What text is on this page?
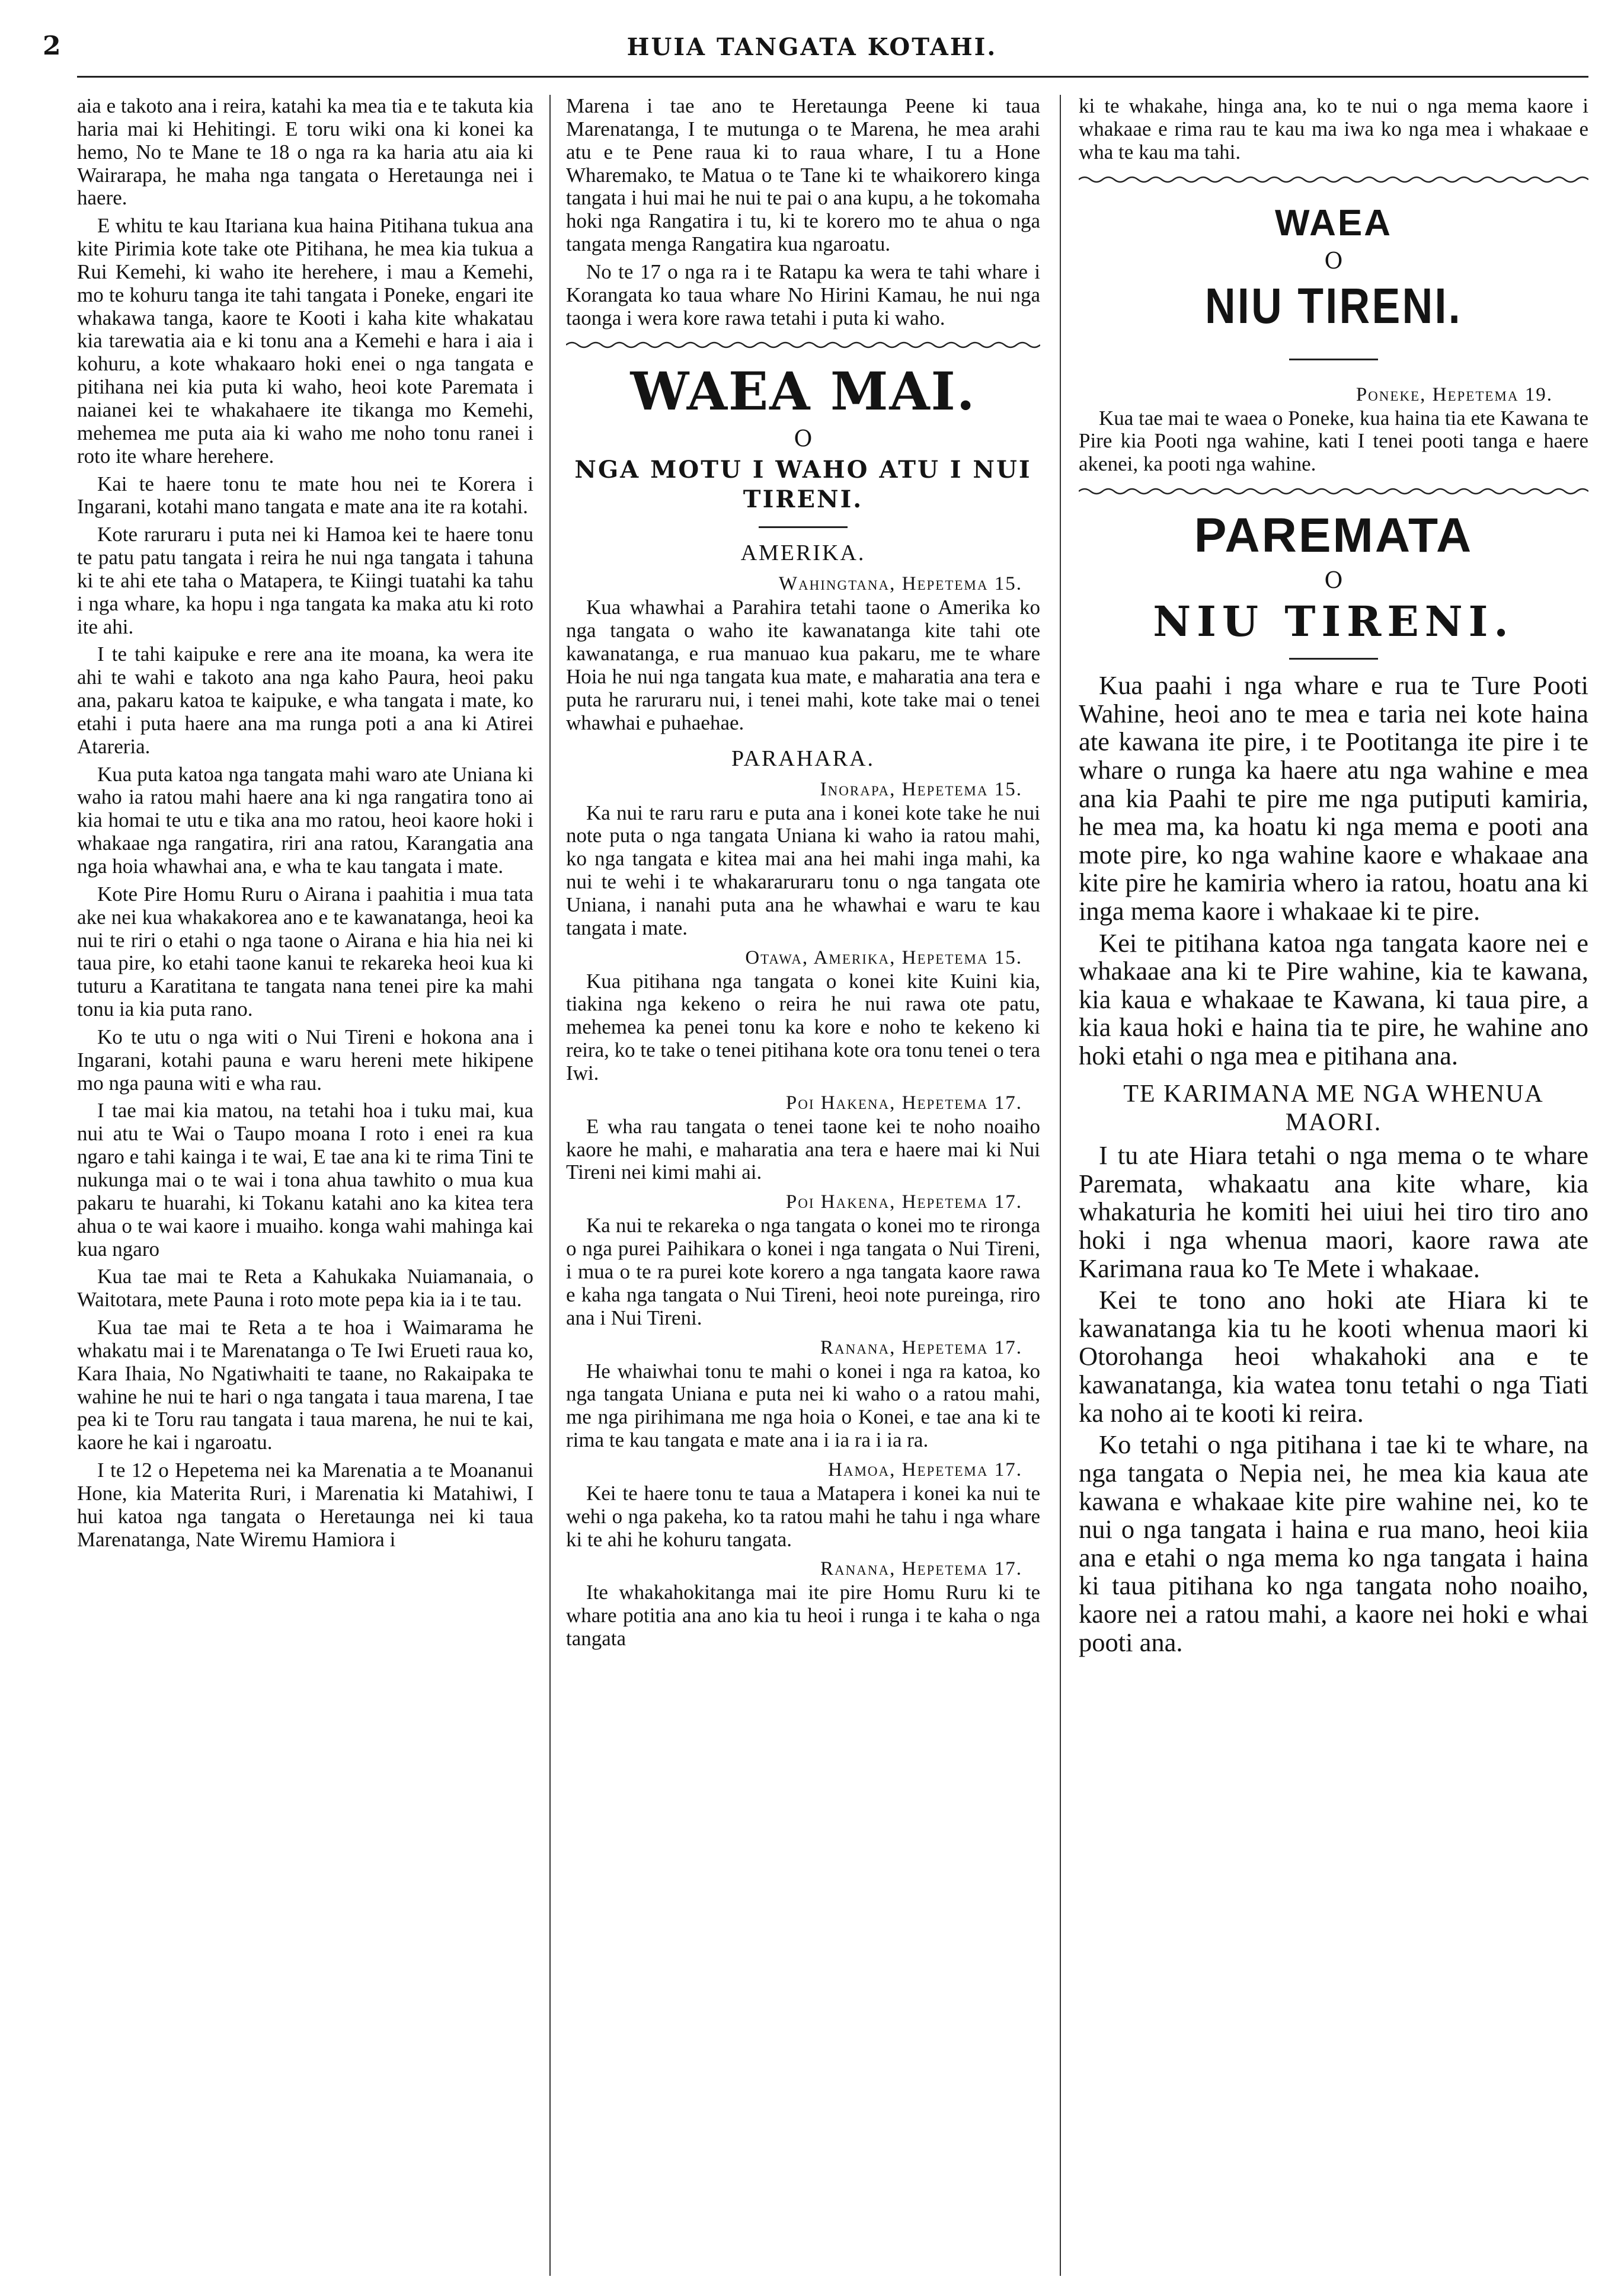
2	HUIA TANGATA KOTAHI.

aia e takoto ana i reira, katahi ka mea tia e te takuta kia haria mai ki Hehitingi. E toru wiki ona ki konei ka hemo, No te Mane te 18 o nga ra ka haria atu aia ki Wairarapa, he maha nga tangata o Heretaunga nei i haere.

E whitu te kau Itariana kua haina Pitihana tukua ana kite Pirimia kote take ote Pitihana, he mea kia tukua a Rui Kemehi, ki waho ite herehere, i mau a Kemehi, mo te kohuru tanga ite tahi tangata i Poneke, engari ite whakawa tanga, kaore te Kooti i kaha kite whakatau kia tarewatia aia e ki tonu ana a Kemehi e hara i aia i kohuru, a kote whakaaro hoki enei o nga tangata e pitihana nei kia puta ki waho, heoi kote Paremata i naianei kei te whakahaere ite tikanga mo Kemehi, mehemea me puta aia ki waho me noho tonu ranei i roto ite whare herehere.

Kai te haere tonu te mate hou nei te Korera i Ingarani, kotahi mano tangata e mate ana ite ra kotahi.

Kote raruraru i puta nei ki Hamoa kei te haere tonu te patu patu tangata i reira he nui nga tangata i tahuna ki te ahi ete taha o Matapera, te Kiingi tuatahi ka tahu i nga whare, ka hopu i nga tangata ka maka atu ki roto ite ahi.

I te tahi kaipuke e rere ana ite moana, ka wera ite ahi te wahi e takoto ana nga kaho Paura, heoi paku ana, pakaru katoa te kaipuke, e wha tangata i mate, ko etahi i puta haere ana ma runga poti a ana ki Atirei Atareria.

Kua puta katoa nga tangata mahi waro ate Uniana ki waho ia ratou mahi haere ana ki nga rangatira tono ai kia homai te utu e tika ana mo ratou, heoi kaore hoki i whakaae nga rangatira, riri ana ratou, Karangatia ana nga hoia whawhai ana, e wha te kau tangata i mate.

Kote Pire Homu Ruru o Airana i paahitia i mua tata ake nei kua whakakorea ano e te kawanatanga, heoi ka nui te riri o etahi o nga taone o Airana e hia hia nei ki taua pire, ko etahi taone kanui te rekareka heoi kua ki tuturu a Karatitana te tangata nana tenei pire ka mahi tonu ia kia puta rano.

Ko te utu o nga witi o Nui Tireni e hokona ana i Ingarani, kotahi pauna e waru hereni mete hikipene mo nga pauna witi e wha rau.

I tae mai kia matou, na tetahi hoa i tuku mai, kua nui atu te Wai o Taupo moana I roto i enei ra kua ngaro e tahi kainga i te wai, E tae ana ki te rima Tini te nukunga mai o te wai i tona ahua tawhito o mua kua pakaru te huarahi, ki Tokanu katahi ano ka kitea tera ahua o te wai kaore i muaiho. konga wahi mahinga kai kua ngaro

Kua tae mai te Reta a Kahukaka Nuiamanaia, o Waitotara, mete Pauna i roto mote pepa kia ia i te tau.

Kua tae mai te Reta a te hoa i Waimarama he whakatu mai i te Marenatanga o Te Iwi Erueti raua ko, Kara Ihaia, No Ngatiwhaiti te taane, no Rakaipaka te wahine he nui te hari o nga tangata i taua marena, I tae pea ki te Toru rau tangata i taua marena, he nui te kai, kaore he kai i ngaroatu.

I te 12 o Hepetema nei ka Marenatia a te Moananui Hone, kia Materita Ruri, i Marenatia ki Matahiwi, I hui katoa nga tangata o Heretaunga nei ki taua Marenatanga, Nate Wiremu Hamiora i

Marena i tae ano te Heretaunga Peene ki taua Marenatanga, I te mutunga o te Marena, he mea arahi atu e te Pene raua ki to raua whare, I tu a Hone Wharemako, te Matua o te Tane ki te whaikorero kinga tangata i hui mai he nui te pai o ana kupu, a he tokomaha hoki nga Rangatira i tu, ki te korero mo te ahua o nga tangata menga Rangatira kua ngaroatu.

No te 17 o nga ra i te Ratapu ka wera te tahi whare i Korangata ko taua whare No Hirini Kamau, he nui nga taonga i wera kore rawa tetahi i puta ki waho.

WAEA MAI.
O
NGA MOTU I WAHO ATU I NUI TIRENI.
AMERIKA.
Wahingtana, Hepetema 15.

Kua whawhai a Parahira tetahi taone o Amerika ko nga tangata o waho ite kawanatanga kite tahi ote kawanatanga, e rua manuao kua pakaru, me te whare Hoia he nui nga tangata kua mate, e maharatia ana tera e puta he raruraru nui, i tenei mahi, kote take mai o tenei whawhai e puhaehae.

PARAHARA.
Inorapa, Hepetema 15.

Ka nui te raru raru e puta ana i konei kote take he nui note puta o nga tangata Uniana ki waho ia ratou mahi, ko nga tangata e kitea mai ana hei mahi inga mahi, ka nui te wehi i te whakararuraru tonu o nga tangata ote Uniana, i nanahi puta ana he whawhai e waru te kau tangata i mate.

Otawa, Amerika, Hepetema 15.

Kua pitihana nga tangata o konei kite Kuini kia, tiakina nga kekeno o reira he nui rawa ote patu, mehemea ka penei tonu ka kore e noho te kekeno ki reira, ko te take o tenei pitihana kote ora tonu tenei o tera Iwi.

Poi Hakena, Hepetema 17.

E wha rau tangata o tenei taone kei te noho noaiho kaore he mahi, e maharatia ana tera e haere mai ki Nui Tireni nei kimi mahi ai.

Poi Hakena, Hepetema 17.

Ka nui te rekareka o nga tangata o konei mo te rironga o nga purei Paihikara o konei i nga tangata o Nui Tireni, i mua o te ra purei kote korero a nga tangata kaore rawa e kaha nga tangata o Nui Tireni, heoi note pureinga, riro ana i Nui Tireni.

Ranana, Hepetema 17.

He whaiwhai tonu te mahi o konei i nga ra katoa, ko nga tangata Uniana e puta nei ki waho o a ratou mahi, me nga pirihimana me nga hoia o Konei, e tae ana ki te rima te kau tangata e mate ana i ia ra i ia ra.

Hamoa, Hepetema 17.

Kei te haere tonu te taua a Matapera i konei ka nui te wehi o nga pakeha, ko ta ratou mahi he tahu i nga whare ki te ahi he kohuru tangata.

Ranana, Hepetema 17.

Ite whakahokitanga mai ite pire Homu Ruru ki te whare potitia ana ano kia tu heoi i runga i te kaha o nga tangata

ki te whakahe, hinga ana, ko te nui o nga mema kaore i whakaae e rima rau te kau ma iwa ko nga mea i whakaae e wha te kau ma tahi.

WAEA
O
NIU TIRENI.
Poneke, Hepetema 19.

Kua tae mai te waea o Poneke, kua haina tia ete Kawana te Pire kia Pooti nga wahine, kati I tenei pooti tanga e haere akenei, ka pooti nga wahine.

PAREMATA
O
NIU TIRENI.

Kua paahi i nga whare e rua te Ture Pooti Wahine, heoi ano te mea e taria nei kote haina ate kawana ite pire, i te Pootitanga ite pire i te whare o runga ka haere atu nga wahine e mea ana kia Paahi te pire me nga putiputi kamiria, he mea ma, ka hoatu ki nga mema e pooti ana mote pire, ko nga wahine kaore e whakaae ana kite pire he kamiria whero ia ratou, hoatu ana ki inga mema kaore i whakaae ki te pire.

Kei te pitihana katoa nga tangata kaore nei e whakaae ana ki te Pire wahine, kia te kawana, kia kaua e whakaae te Kawana, ki taua pire, a kia kaua hoki e haina tia te pire, he wahine ano hoki etahi o nga mea e pitihana ana.

TE KARIMANA ME NGA WHENUA MAORI.

I tu ate Hiara tetahi o nga mema o te whare Paremata, whakaatu ana kite whare, kia whakaturia he komiti hei uiui hei tiro tiro ano hoki i nga whenua maori, kaore rawa ate Karimana raua ko Te Mete i whakaae.

Kei te tono ano hoki ate Hiara ki te kawanatanga kia tu he kooti whenua maori ki Otorohanga heoi whakahoki ana e te kawanatanga, kia watea tonu tetahi o nga Tiati ka noho ai te kooti ki reira.

Ko tetahi o nga pitihana i tae ki te whare, na nga tangata o Nepia nei, he mea kia kaua ate kawana e whakaae kite pire wahine nei, ko te nui o nga tangata i haina e rua mano, heoi kiia ana e etahi o nga mema ko nga tangata i haina ki taua pitihana ko nga tangata noho noaiho, kaore nei a ratou mahi, a kaore nei hoki e whai pooti ana.
